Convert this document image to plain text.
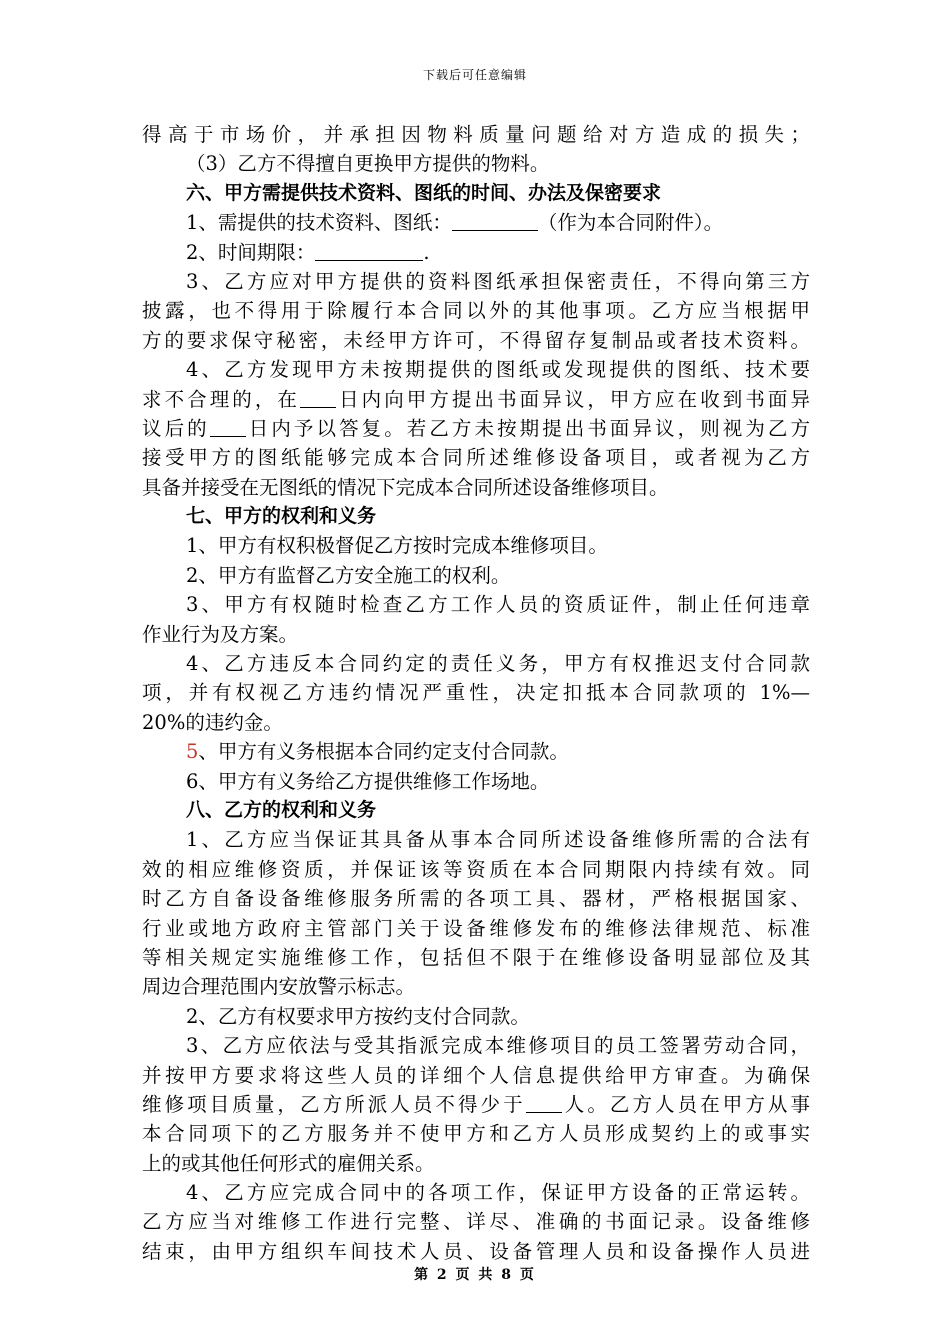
下载后可任意编辑
得高于市场价，并承担因物料质量问题给对方造成的损失；
（3）乙方不得擅自更换甲方提供的物料。
六、甲方需提供技术资料、图纸的时间、办法及保密要求
1、需提供的技术资料、图纸：	（作为本合同附件）。
2、时间期限：	.
3、乙方应对甲方提供的资料图纸承担保密责任，不得向第三方
披露，也不得用于除履行本合同以外的其他事项。乙方应当根据甲
方的要求保守秘密，未经甲方许可，不得留存复制品或者技术资料。
4、乙方发现甲方未按期提供的图纸或发现提供的图纸、技术要
求不合理的，在 日内向甲方提出书面异议，甲方应在收到书面异
议后的 日内予以答复。若乙方未按期提出书面异议，则视为乙方
接受甲方的图纸能够完成本合同所述维修设备项目，或者视为乙方
具备并接受在无图纸的情况下完成本合同所述设备维修项目。
七、甲方的权利和义务
1、甲方有权积极督促乙方按时完成本维修项目。
2、甲方有监督乙方安全施工的权利。
3、甲方有权随时检查乙方工作人员的资质证件，制止任何违章
作业行为及方案。
4、乙方违反本合同约定的责任义务，甲方有权推迟支付合同款
项，并有权视乙方违约情况严重性，决定扣抵本合同款项的 1%—
20%的违约金。
5、甲方有义务根据本合同约定支付合同款。
6、甲方有义务给乙方提供维修工作场地。
八、乙方的权利和义务
1、乙方应当保证其具备从事本合同所述设备维修所需的合法有
效的相应维修资质，并保证该等资质在本合同期限内持续有效。同
时乙方自备设备维修服务所需的各项工具、器材，严格根据国家、
行业或地方政府主管部门关于设备维修发布的维修法律规范、标准
等相关规定实施维修工作，包括但不限于在维修设备明显部位及其
周边合理范围内安放警示标志。
2、乙方有权要求甲方按约支付合同款。
3、乙方应依法与受其指派完成本维修项目的员工签署劳动合同，
并按甲方要求将这些人员的详细个人信息提供给甲方审查。为确保
维修项目质量，乙方所派人员不得少于 人。乙方人员在甲方从事
本合同项下的乙方服务并不使甲方和乙方人员形成契约上的或事实
上的或其他任何形式的雇佣关系。
4、乙方应完成合同中的各项工作，保证甲方设备的正常运转。
乙方应当对维修工作进行完整、详尽、准确的书面记录。设备维修
结束，由甲方组织车间技术人员、设备管理人员和设备操作人员进
第 2 页 共 8 页
